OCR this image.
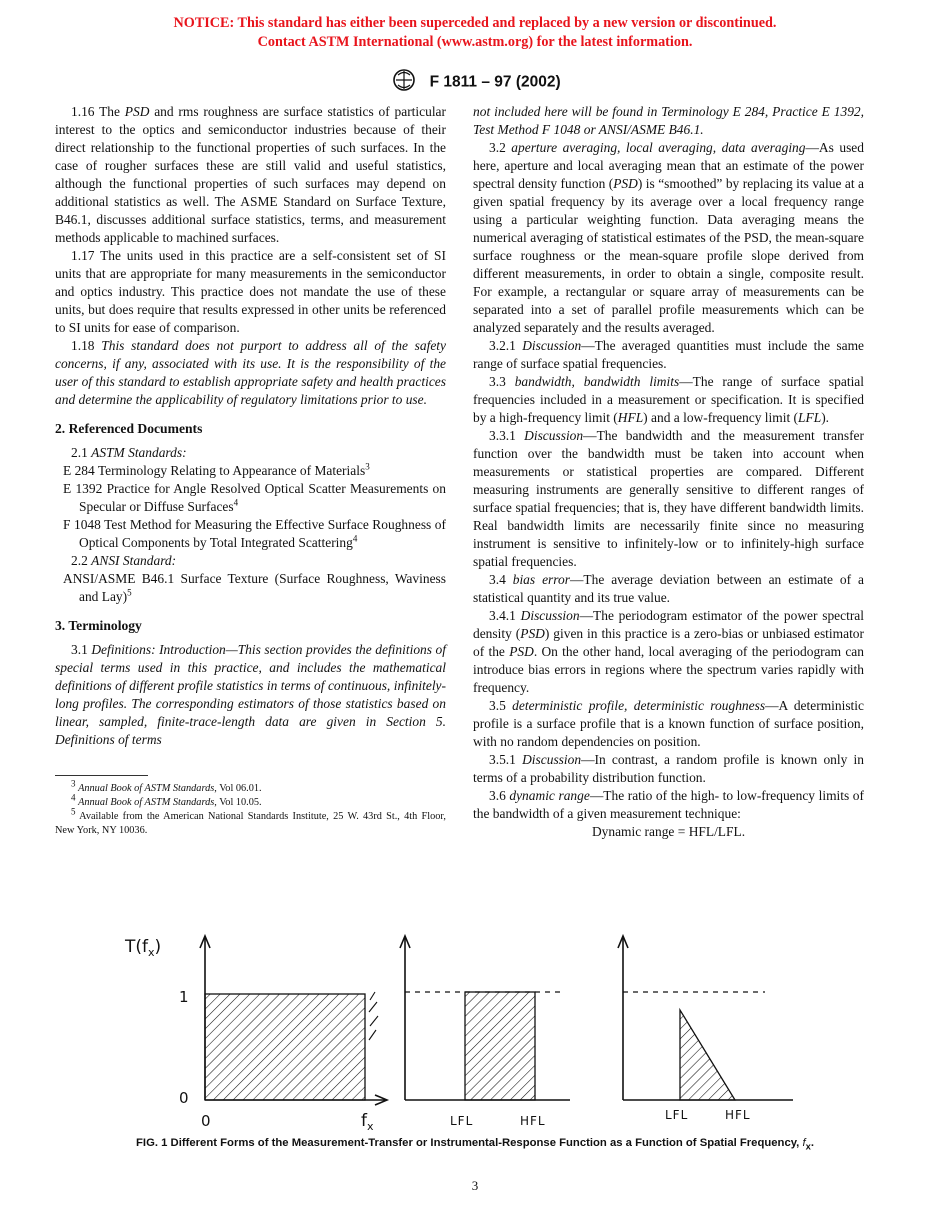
NOTICE: This standard has either been superceded and replaced by a new version or discontinued.
Contact ASTM International (www.astm.org) for the latest information.
F 1811 – 97 (2002)

1.16 The PSD and rms roughness are surface statistics of particular interest to the optics and semiconductor industries because of their direct relationship to the functional properties of such surfaces. In the case of rougher surfaces these are still valid and useful statistics, although the functional properties of such surfaces may depend on additional statistics as well. The ASME Standard on Surface Texture, B46.1, discusses additional surface statistics, terms, and measurement methods applicable to machined surfaces.

1.17 The units used in this practice are a self-consistent set of SI units that are appropriate for many measurements in the semiconductor and optics industry. This practice does not mandate the use of these units, but does require that results expressed in other units be referenced to SI units for ease of comparison.

1.18 This standard does not purport to address all of the safety concerns, if any, associated with its use. It is the responsibility of the user of this standard to establish appropriate safety and health practices and determine the applicability of regulatory limitations prior to use.

2. Referenced Documents

2.1 ASTM Standards:

E 284 Terminology Relating to Appearance of Materials$^3$

E 1392 Practice for Angle Resolved Optical Scatter Measurements on Specular or Diffuse Surfaces$^4$

F 1048 Test Method for Measuring the Effective Surface Roughness of Optical Components by Total Integrated Scattering$^4$

2.2 ANSI Standard:

ANSI/ASME B46.1 Surface Texture (Surface Roughness, Waviness and Lay)$^5$

3. Terminology

3.1 Definitions: Introduction—This section provides the definitions of special terms used in this practice, and includes the mathematical definitions of different profile statistics in terms of continuous, infinitely-long profiles. The corresponding estimators of those statistics based on linear, sampled, finite-trace-length data are given in Section 5. Definitions of terms

$^3$ Annual Book of ASTM Standards, Vol 06.01.

$^4$ Annual Book of ASTM Standards, Vol 10.05.

$^5$ Available from the American National Standards Institute, 25 W. 43rd St., 4th Floor, New York, NY 10036.

not included here will be found in Terminology E 284, Practice E 1392, Test Method F 1048 or ANSI/ASME B46.1.

3.2 aperture averaging, local averaging, data averaging—As used here, aperture and local averaging mean that an estimate of the power spectral density function (PSD) is “smoothed” by replacing its value at a given spatial frequency by its average over a local frequency range using a particular weighting function. Data averaging means the numerical averaging of statistical estimates of the PSD, the mean-square surface roughness or the mean-square profile slope derived from different measurements, in order to obtain a single, composite result. For example, a rectangular or square array of measurements can be separated into a set of parallel profile measurements which can be analyzed separately and the results averaged.

3.2.1 Discussion—The averaged quantities must include the same range of surface spatial frequencies.

3.3 bandwidth, bandwidth limits—The range of surface spatial frequencies included in a measurement or specification. It is specified by a high-frequency limit (HFL) and a low-frequency limit (LFL).

3.3.1 Discussion—The bandwidth and the measurement transfer function over the bandwidth must be taken into account when measurements or statistical properties are compared. Different measuring instruments are generally sensitive to different ranges of surface spatial frequencies; that is, they have different bandwidth limits. Real bandwidth limits are necessarily finite since no measuring instrument is sensitive to infinitely-low or to infinitely-high surface spatial frequencies.

3.4 bias error—The average deviation between an estimate of a statistical quantity and its true value.

3.4.1 Discussion—The periodogram estimator of the power spectral density (PSD) given in this practice is a zero-bias or unbiased estimator of the PSD. On the other hand, local averaging of the periodogram can introduce bias errors in regions where the spectrum varies rapidly with frequency.

3.5 deterministic profile, deterministic roughness—A deterministic profile is a surface profile that is a known function of surface position, with no random dependencies on position.

3.5.1 Discussion—In contrast, a random profile is known only in terms of a probability distribution function.

3.6 dynamic range—The ratio of the high- to low-frequency limits of the bandwidth of a given measurement technique:

Dynamic range = HFL/LFL.

$T(f_x)$
1
0
0	$f_x$	LFL	HFL	LFL	HFL
FIG. 1 Different Forms of the Measurement-Transfer or Instrumental-Response Function as a Function of Spatial Frequency, $f_x$.
3
